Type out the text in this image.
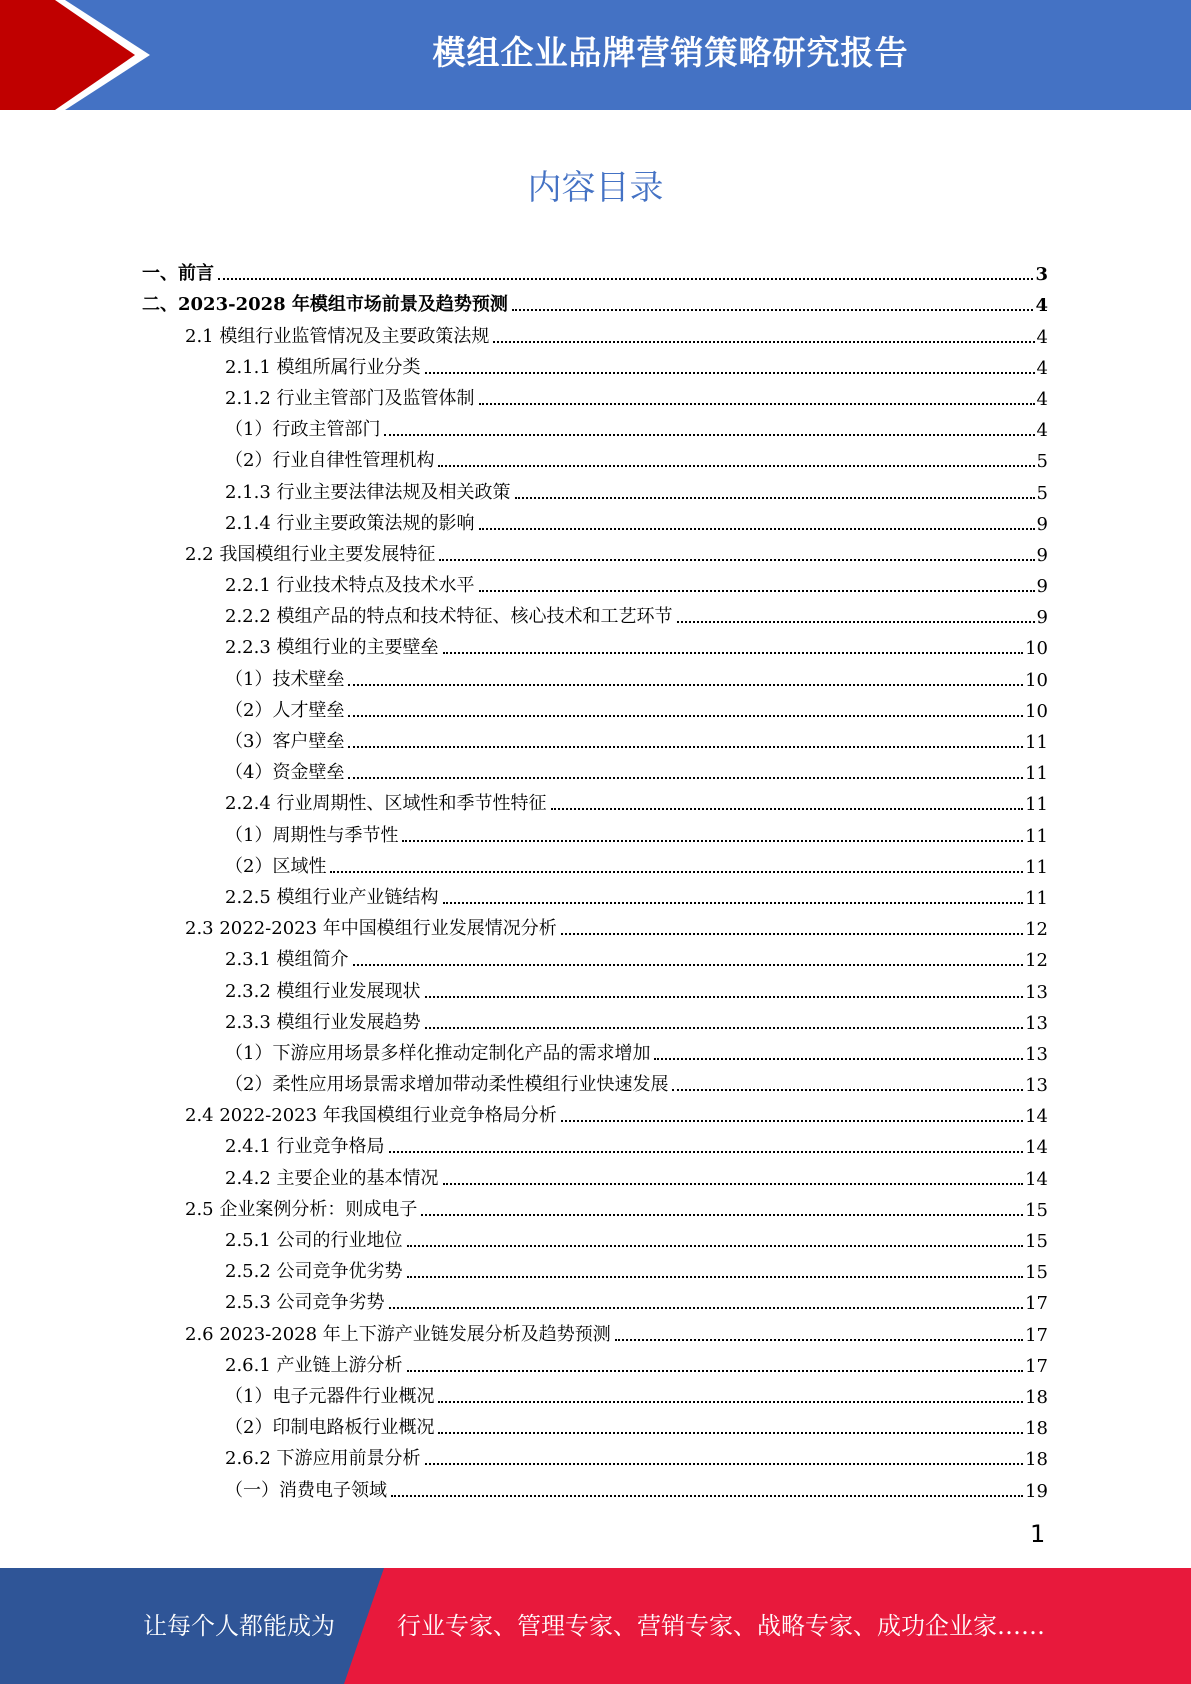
模组企业品牌营销策略研究报告
内容目录
一、前言	3
二、2023-2028 年模组市场前景及趋势预测	4
2.1 模组行业监管情况及主要政策法规	4
2.1.1 模组所属行业分类	4
2.1.2 行业主管部门及监管体制	4
（1）行政主管部门	4
（2）行业自律性管理机构	5
2.1.3 行业主要法律法规及相关政策	5
2.1.4 行业主要政策法规的影响	9
2.2 我国模组行业主要发展特征	9
2.2.1 行业技术特点及技术水平	9
2.2.2 模组产品的特点和技术特征、核心技术和工艺环节	9
2.2.3 模组行业的主要壁垒	10
（1）技术壁垒	10
（2）人才壁垒	10
（3）客户壁垒	11
（4）资金壁垒	11
2.2.4 行业周期性、区域性和季节性特征	11
（1）周期性与季节性	11
（2）区域性	11
2.2.5 模组行业产业链结构	11
2.3 2022-2023 年中国模组行业发展情况分析	12
2.3.1 模组简介	12
2.3.2 模组行业发展现状	13
2.3.3 模组行业发展趋势	13
（1）下游应用场景多样化推动定制化产品的需求增加	13
（2）柔性应用场景需求增加带动柔性模组行业快速发展	13
2.4 2022-2023 年我国模组行业竞争格局分析	14
2.4.1 行业竞争格局	14
2.4.2 主要企业的基本情况	14
2.5 企业案例分析：则成电子	15
2.5.1 公司的行业地位	15
2.5.2 公司竞争优劣势	15
2.5.3 公司竞争劣势	17
2.6 2023-2028 年上下游产业链发展分析及趋势预测	17
2.6.1 产业链上游分析	17
（1）电子元器件行业概况	18
（2）印制电路板行业概况	18
2.6.2 下游应用前景分析	18
（一）消费电子领域	19
1
让每个人都能成为	行业专家、管理专家、营销专家、战略专家、成功企业家……
